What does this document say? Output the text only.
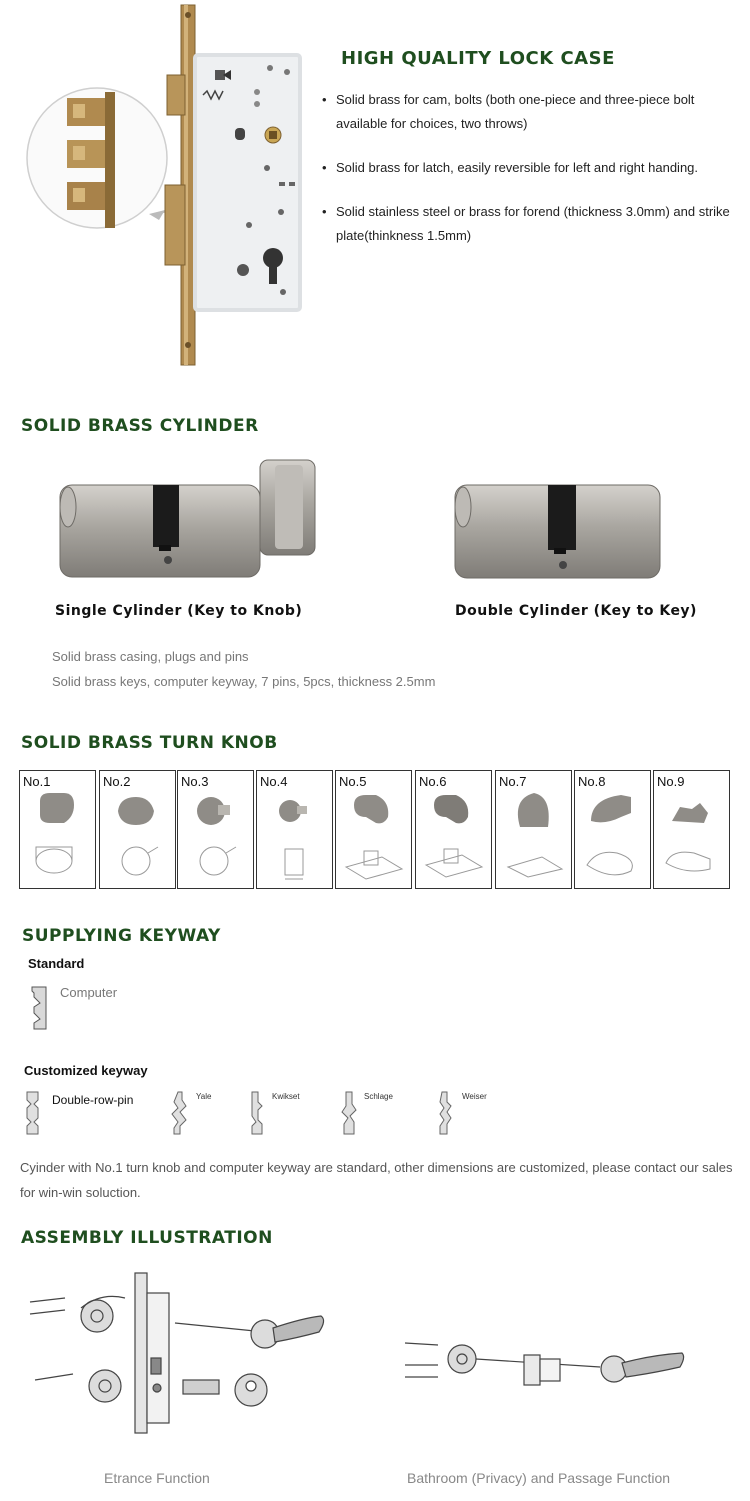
HIGH QUALITY LOCK CASE
• Solid brass for cam, bolts (both one-piece and three-piece bolt available for choices, two throws)
• Solid brass for latch, easily reversible for left and right handing.
• Solid stainless steel or brass for forend (thickness 3.0mm) and strike plate(thinkness 1.5mm)
SOLID BRASS CYLINDER
Single Cylinder (Key to Knob)	Double Cylinder (Key to Key)
Solid brass casing, plugs and pins
Solid brass keys, computer keyway, 7 pins, 5pcs, thickness 2.5mm
SOLID BRASS TURN KNOB
No.1	No.2	No.3	No.4	No.5	No.6	No.7	No.8	No.9
SUPPLYING KEYWAY
Standard
Computer
Customized keyway
Double-row-pin	Yale	Kwikset	Schlage	Weiser
Cyinder with No.1 turn knob and computer keyway are standard, other dimensions are customized, please contact our sales for win-win soluction.
ASSEMBLY ILLUSTRATION
Etrance Function	Bathroom (Privacy) and Passage Function
